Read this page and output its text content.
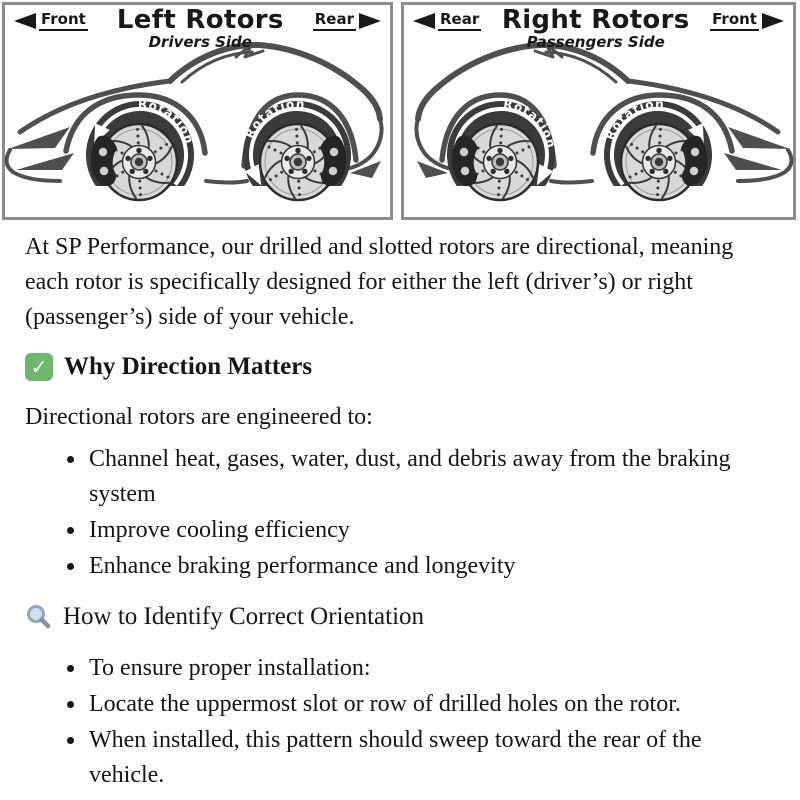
Rotation	Rotation	Rotation
Rotation
Front Left Rotors
Drivers Side
Rear	Rear Right Rotors
Passengers Side
Front

At SP Performance, our drilled and slotted rotors are directional, meaning each rotor is specifically designed for either the left (driver’s) or right (passenger’s) side of your vehicle.

✓
Why Direction Matters

Directional rotors are engineered to:

• Channel heat, gases, water, dust, and debris away from the braking system
• Improve cooling efficiency
• Enhance braking performance and longevity
How to Identify Correct Orientation
• To ensure proper installation:
• Locate the uppermost slot or row of drilled holes on the rotor.
• When installed, this pattern should sweep toward the rear of the vehicle.
